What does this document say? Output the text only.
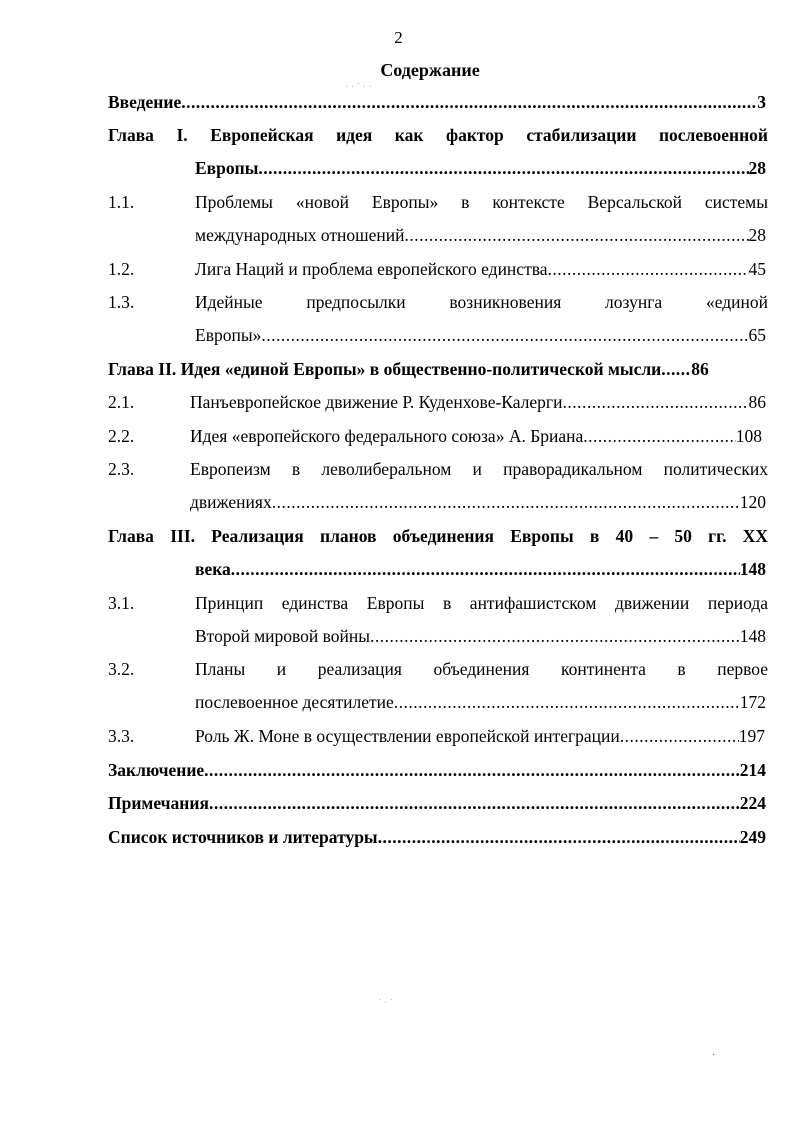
2
Содержание
Введение .....	3
Глава I. Европейская идея как фактор стабилизации послевоенной
Европы .....	28
1.1.	Проблемы «новой Европы» в контексте Версальской системы
международных отношений .....	28
1.2.	Лига Наций и проблема европейского единства .....	45
1.3.	Идейные предпосылки возникновения лозунга «единой
Европы» .....	65
Глава II. Идея «единой Европы» в общественно-политической мысли ..... 86
2.1.	Панъевропейское движение Р. Куденхове-Калерги .....	86
2.2.	Идея «европейского федерального союза» А. Бриана .....	108
2.3.	Европеизм в леволиберальном и праворадикальном политических
движениях .....	120
Глава III. Реализация планов объединения Европы в 40 – 50 гг. XX
века .....	148
3.1.	Принцип единства Европы в антифашистском движении периода
Второй мировой войны .....	148
3.2.	Планы и реализация объединения континента в первое
послевоенное десятилетие .....	172
3.3.	Роль Ж. Моне в осуществлении европейской интеграции .....	197
Заключение .....	214
Примечания .....	224
Список источников и литературы .....	249
· · ˙ · ·
˙ · ˙
·
